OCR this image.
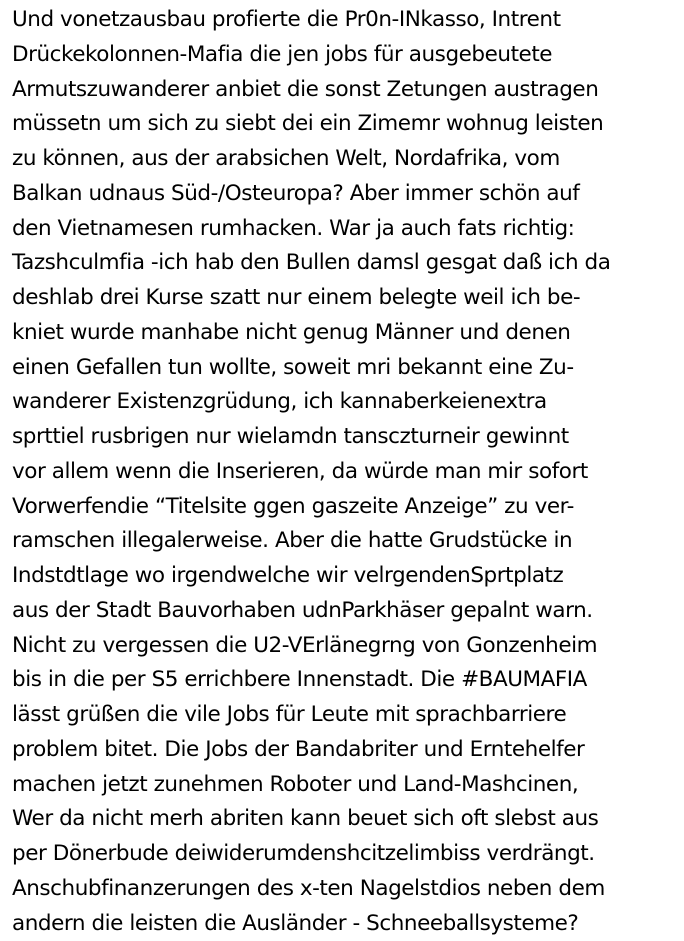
Und vonetzausbau profierte die Pr0n-INkasso, Intrent
Drückekolonnen-Mafia die jen jobs für ausgebeutete
Armutszuwanderer anbiet die sonst Zetungen austragen
müssetn um sich zu siebt dei ein Zimemr wohnug leisten
zu können, aus der arabsichen Welt, Nordafrika, vom
Balkan udnaus Süd-/Osteuropa? Aber immer schön auf
den Vietnamesen rumhacken. War ja auch fats richtig:
Tazshculmfia -ich hab den Bullen damsl gesgat daß ich da
deshlab drei Kurse szatt nur einem belegte weil ich be-
kniet wurde manhabe nicht genug Männer und denen
einen Gefallen tun wollte, soweit mri bekannt eine Zu-
wanderer Existenzgrüdung, ich kannaberkeienextra
sprttiel rusbrigen nur wielamdn tansczturneir gewinnt
vor allem wenn die Inserieren, da würde man mir sofort
Vorwerfendie “Titelsite ggen gaszeite Anzeige” zu ver-
ramschen illegalerweise. Aber die hatte Grudstücke in
Indstdtlage wo irgendwelche wir velrgendenSprtplatz
aus der Stadt Bauvorhaben udnParkhäser gepalnt warn.
Nicht zu vergessen die U2-VErlänegrng von Gonzenheim
bis in die per S5 errichbere Innenstadt. Die #BAUMAFIA
lässt grüßen die vile Jobs für Leute mit sprachbarriere
problem bitet. Die Jobs der Bandabriter und Erntehelfer
machen jetzt zunehmen Roboter und Land-Mashcinen,
Wer da nicht merh abriten kann beuet sich oft slebst aus
per Dönerbude deiwiderumdenshcitzelimbiss verdrängt.
Anschubfinanzerungen des x-ten Nagelstdios neben dem
andern die leisten die Ausländer - Schneeballsysteme?
